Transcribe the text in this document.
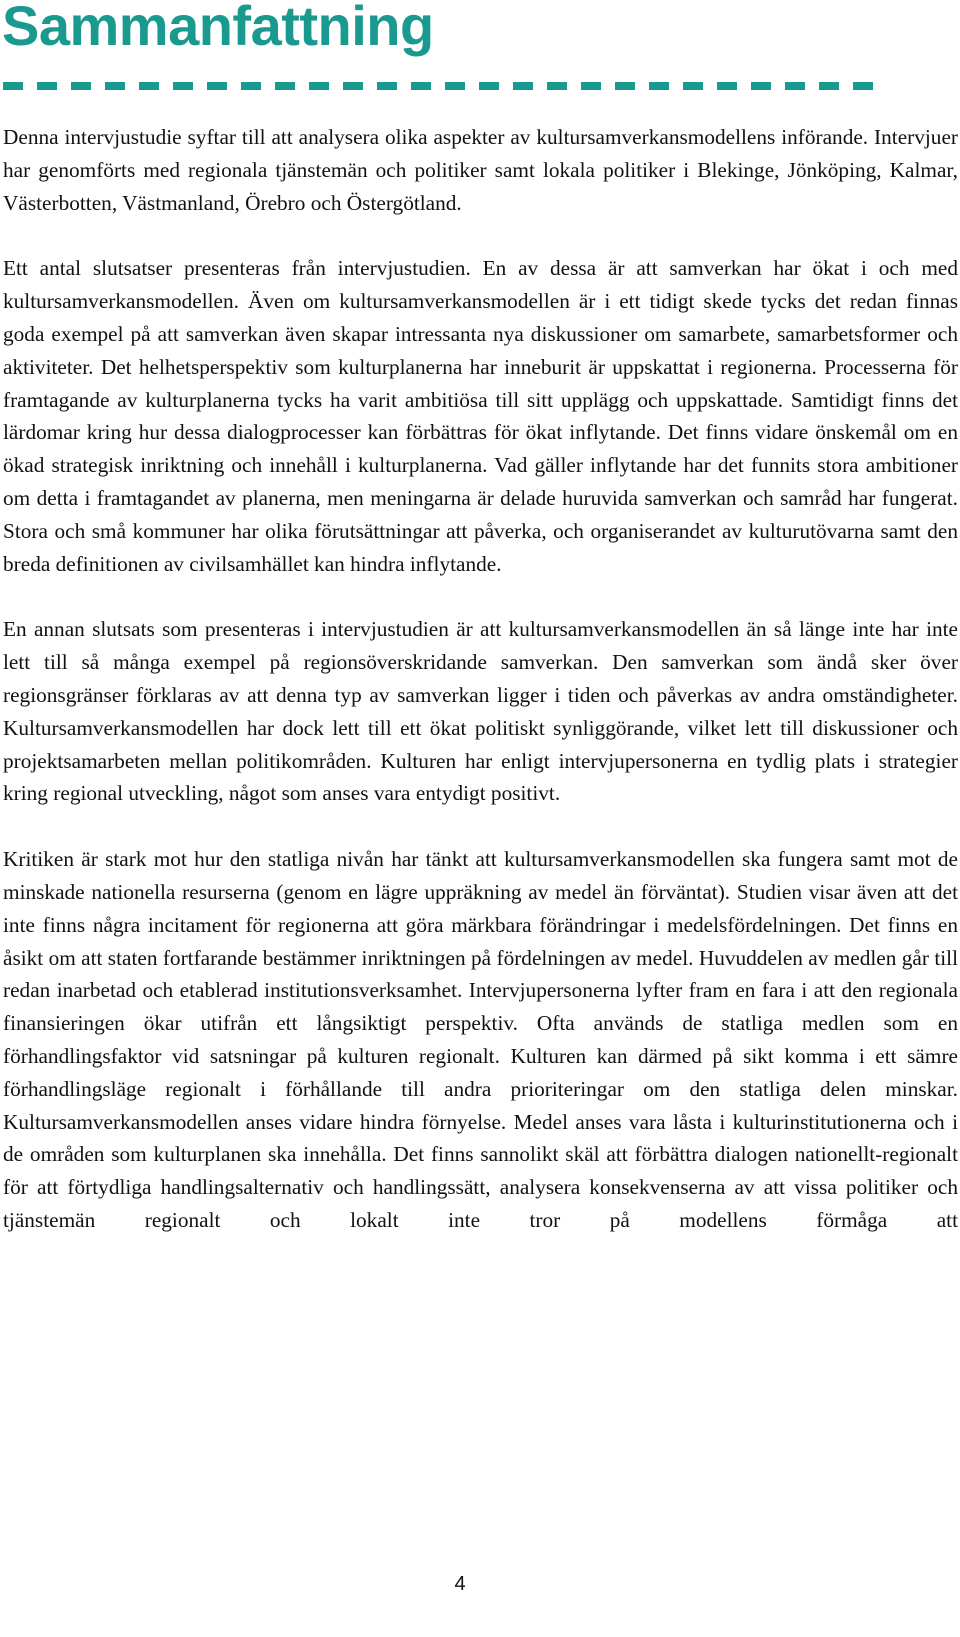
Sammanfattning

Denna intervjustudie syftar till att analysera olika aspekter av kultursamverkansmodellens införande. Intervjuer har genomförts med regionala tjänstemän och politiker samt lokala politiker i Blekinge, Jönköping, Kalmar, Västerbotten, Västmanland, Örebro och Östergötland.

Ett antal slutsatser presenteras från intervjustudien. En av dessa är att samverkan har ökat i och med kultursamverkansmodellen. Även om kultursamverkansmodellen är i ett tidigt skede tycks det redan finnas goda exempel på att samverkan även skapar intressanta nya diskussioner om samarbete, samarbetsformer och aktiviteter. Det helhetsperspektiv som kulturplanerna har inneburit är uppskattat i regionerna. Processerna för framtagande av kulturplanerna tycks ha varit ambitiösa till sitt upplägg och uppskattade. Samtidigt finns det lärdomar kring hur dessa dialogprocesser kan förbättras för ökat inflytande. Det finns vidare önskemål om en ökad strategisk inriktning och innehåll i kulturplanerna. Vad gäller inflytande har det funnits stora ambitioner om detta i framtagandet av planerna, men meningarna är delade huruvida samverkan och samråd har fungerat. Stora och små kommuner har olika förutsättningar att påverka, och organiserandet av kulturutövarna samt den breda definitionen av civilsamhället kan hindra inflytande.

En annan slutsats som presenteras i intervjustudien är att kultursamverkansmodellen än så länge inte har inte lett till så många exempel på regionsöverskridande samverkan. Den samverkan som ändå sker över regionsgränser förklaras av att denna typ av samverkan ligger i tiden och påverkas av andra omständigheter. Kultursamverkansmodellen har dock lett till ett ökat politiskt synliggörande, vilket lett till diskussioner och projektsamarbeten mellan politikområden. Kulturen har enligt intervjupersonerna en tydlig plats i strategier kring regional utveckling, något som anses vara entydigt positivt.

Kritiken är stark mot hur den statliga nivån har tänkt att kultursamverkansmodellen ska fungera samt mot de minskade nationella resurserna (genom en lägre uppräkning av medel än förväntat). Studien visar även att det inte finns några incitament för regionerna att göra märkbara förändringar i medelsfördelningen. Det finns en åsikt om att staten fortfarande bestämmer inriktningen på fördelningen av medel. Huvuddelen av medlen går till redan inarbetad och etablerad institutionsverksamhet. Intervjupersonerna lyfter fram en fara i att den regionala finansieringen ökar utifrån ett långsiktigt perspektiv. Ofta används de statliga medlen som en förhandlingsfaktor vid satsningar på kulturen regionalt. Kulturen kan därmed på sikt komma i ett sämre förhandlingsläge regionalt i förhållande till andra prioriteringar om den statliga delen minskar. Kultursamverkansmodellen anses vidare hindra förnyelse. Medel anses vara låsta i kulturinstitutionerna och i de områden som kulturplanen ska innehålla. Det finns sannolikt skäl att förbättra dialogen nationellt-regionalt för att förtydliga handlingsalternativ och handlingssätt, analysera konsekvenserna av att vissa politiker och tjänstemän regionalt och lokalt inte tror på modellens förmåga att

4
